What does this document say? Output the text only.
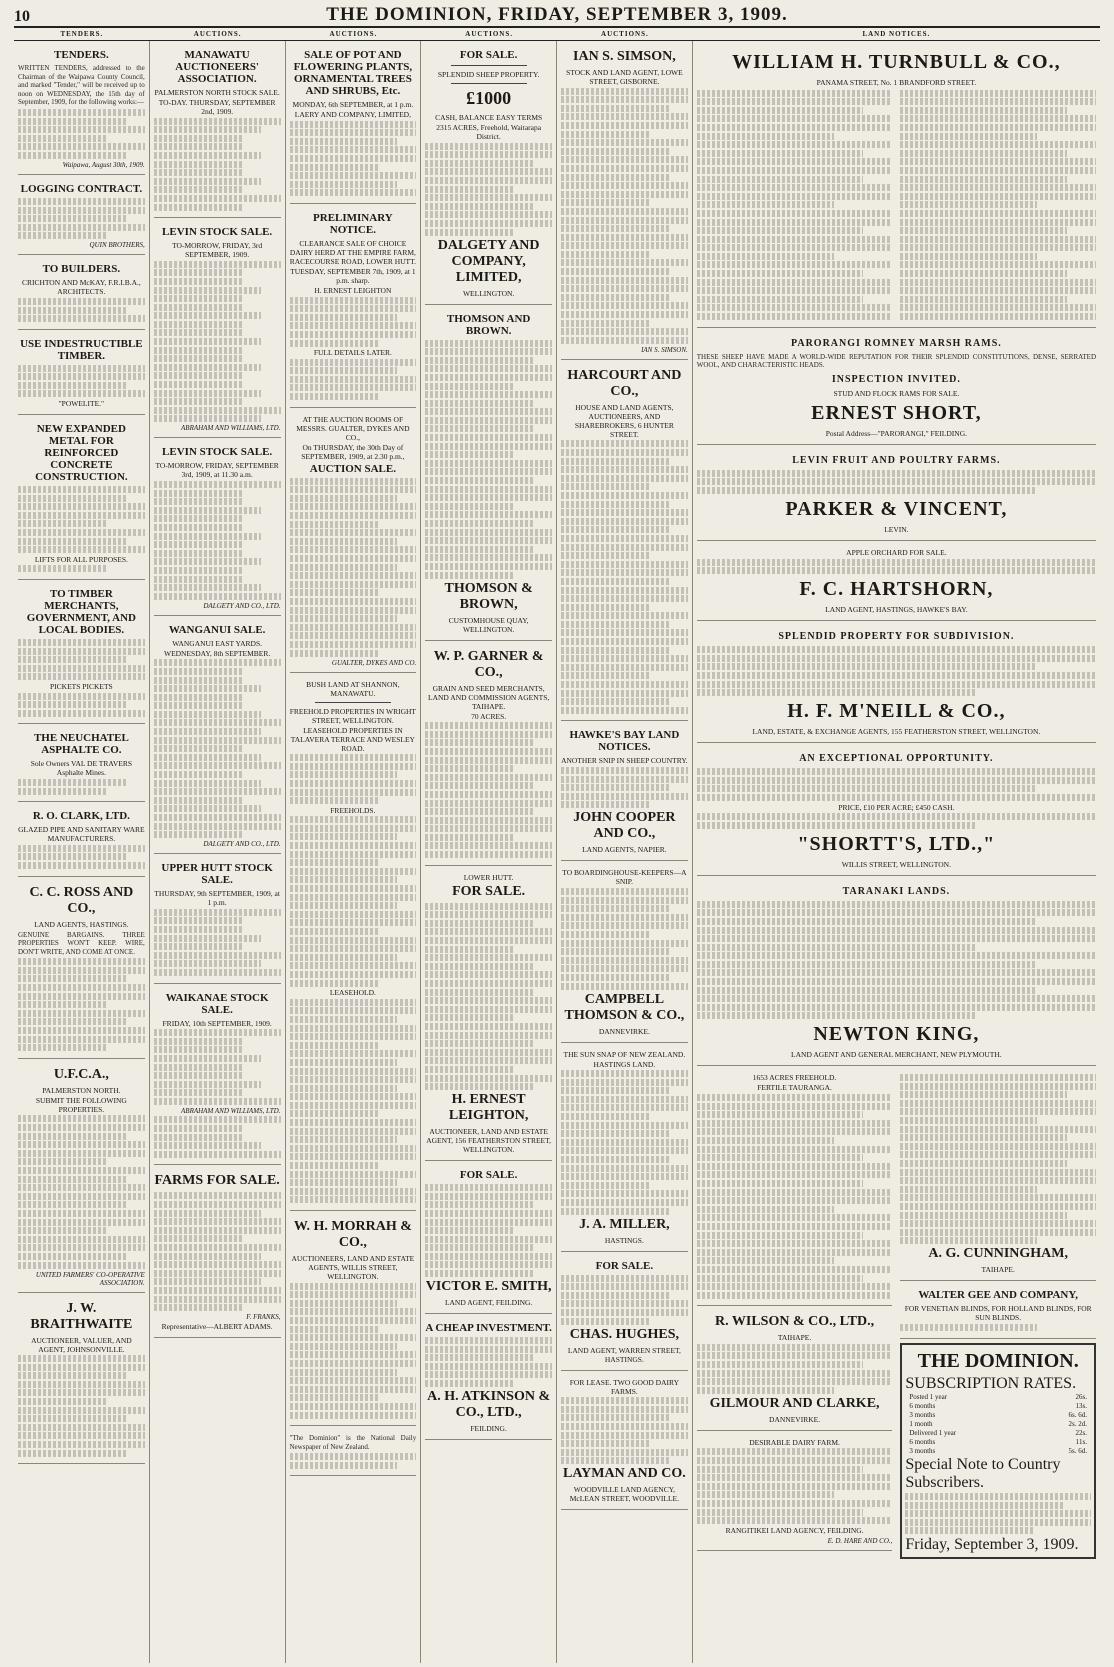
10	THE DOMINION, FRIDAY, SEPTEMBER 3, 1909.
TENDERS.	AUCTIONS.	AUCTIONS.	AUCTIONS.	AUCTIONS.	LAND NOTICES.
TENDERS.

WRITTEN TENDERS, addressed to the Chairman of the Waipawa County Council, and marked "Tender," will be received up to noon on WEDNESDAY, the 15th day of September, 1909, for the following works:—

Waipawa, August 30th, 1909.
LOGGING CONTRACT.
QUIN BROTHERS,
TO BUILDERS.
CRICHTON AND McKAY, F.R.I.B.A., ARCHITECTS.
USE INDESTRUCTIBLE TIMBER.
"POWELITE."
NEW EXPANDED METAL FOR REINFORCED CONCRETE CONSTRUCTION.
LIFTS FOR ALL PURPOSES.
TO TIMBER MERCHANTS, GOVERNMENT, AND LOCAL BODIES.
PICKETS PICKETS
THE NEUCHATEL ASPHALTE CO.
Sole Owners VAL DE TRAVERS Asphalte Mines.
R. O. CLARK, LTD.
GLAZED PIPE AND SANITARY WARE MANUFACTURERS.
C. C. ROSS AND CO.,
LAND AGENTS, HASTINGS.

GENUINE BARGAINS. THREE PROPERTIES WON'T KEEP. WIRE, DON'T WRITE, AND COME AT ONCE.

U.F.C.A.,
PALMERSTON NORTH.
SUBMIT THE FOLLOWING PROPERTIES.
UNITED FARMERS' CO-OPERATIVE ASSOCIATION.
J. W. BRAITHWAITE
AUCTIONEER, VALUER, AND AGENT, JOHNSONVILLE.
MANAWATU AUCTIONEERS' ASSOCIATION.
PALMERSTON NORTH STOCK SALE.
TO-DAY. THURSDAY, SEPTEMBER 2nd, 1909.
LEVIN STOCK SALE.
TO-MORROW, FRIDAY, 3rd SEPTEMBER, 1909.
ABRAHAM AND WILLIAMS, LTD.
LEVIN STOCK SALE.
TO-MORROW, FRIDAY, SEPTEMBER 3rd, 1909, at 11.30 a.m.
DALGETY AND CO., LTD.
WANGANUI SALE.
WANGANUI EAST YARDS.
WEDNESDAY, 8th SEPTEMBER.
DALGETY AND CO., LTD.
UPPER HUTT STOCK SALE.
THURSDAY, 9th SEPTEMBER, 1909, at 1 p.m.
WAIKANAE STOCK SALE.
FRIDAY, 10th SEPTEMBER, 1909.
ABRAHAM AND WILLIAMS, LTD.
FARMS FOR SALE.
F. FRANKS,
Representative—ALBERT ADAMS.
SALE OF POT AND FLOWERING PLANTS, ORNAMENTAL TREES AND SHRUBS, Etc.
MONDAY, 6th SEPTEMBER, at 1 p.m.
LAERY AND COMPANY, LIMITED,
PRELIMINARY NOTICE.
CLEARANCE SALE OF CHOICE DAIRY HERD AT THE EMPIRE FARM, RACECOURSE ROAD, LOWER HUTT.
TUESDAY, SEPTEMBER 7th, 1909, at 1 p.m. sharp.
H. ERNEST LEIGHTON
FULL DETAILS LATER.
AT THE AUCTION ROOMS OF MESSRS. GUALTER, DYKES AND CO.,
On THURSDAY, the 30th Day of SEPTEMBER, 1909, at 2.30 p.m.,
AUCTION SALE.
GUALTER, DYKES AND CO.
BUSH LAND AT SHANNON, MANAWATU.
FREEHOLD PROPERTIES IN WRIGHT STREET, WELLINGTON.
LEASEHOLD PROPERTIES IN TALAVERA TERRACE AND WESLEY ROAD.
FREEHOLDS.
LEASEHOLD.
W. H. MORRAH & CO.,
AUCTIONEERS, LAND AND ESTATE AGENTS, WILLIS STREET, WELLINGTON.

"The Dominion" is the National Daily Newspaper of New Zealand.

FOR SALE.
SPLENDID SHEEP PROPERTY.
£1000
CASH, BALANCE EASY TERMS
2315 ACRES, Freehold, Waitarapa District.
DALGETY AND COMPANY, LIMITED,
WELLINGTON.
THOMSON AND BROWN.
THOMSON & BROWN,
CUSTOMHOUSE QUAY, WELLINGTON.
W. P. GARNER & CO.,
GRAIN AND SEED MERCHANTS, LAND AND COMMISSION AGENTS, TAIHAPE.
70 ACRES.
LOWER HUTT.
FOR SALE.
H. ERNEST LEIGHTON,
AUCTIONEER, LAND AND ESTATE AGENT, 156 FEATHERSTON STREET, WELLINGTON.
FOR SALE.
VICTOR E. SMITH,
LAND AGENT, FEILDING.
A CHEAP INVESTMENT.
A. H. ATKINSON & CO., LTD.,
FEILDING.
IAN S. SIMSON,
STOCK AND LAND AGENT, LOWE STREET, GISBORNE.
IAN S. SIMSON.
HARCOURT AND CO.,
HOUSE AND LAND AGENTS, AUCTIONEERS, AND SHAREBROKERS, 6 HUNTER STREET.
HAWKE'S BAY LAND NOTICES.
ANOTHER SNIP IN SHEEP COUNTRY.
JOHN COOPER AND CO.,
LAND AGENTS, NAPIER.
TO BOARDINGHOUSE-KEEPERS—A SNIP.
CAMPBELL THOMSON & CO.,
DANNEVIRKE.
THE SUN SNAP OF NEW ZEALAND.
HASTINGS LAND.
J. A. MILLER,
HASTINGS.
FOR SALE.
CHAS. HUGHES,
LAND AGENT, WARREN STREET, HASTINGS.
FOR LEASE. TWO GOOD DAIRY FARMS.
LAYMAN AND CO.
WOODVILLE LAND AGENCY, McLEAN STREET, WOODVILLE.
WILLIAM H. TURNBULL & CO.,
PANAMA STREET, No. 1 BRANDFORD STREET.
PARORANGI ROMNEY MARSH RAMS.

THESE SHEEP HAVE MADE A WORLD-WIDE REPUTATION FOR THEIR SPLENDID CONSTITUTIONS, DENSE, SERRATED WOOL, AND CHARACTERISTIC HEADS.

INSPECTION INVITED.
STUD AND FLOCK RAMS FOR SALE.
ERNEST SHORT,
Postal Address—"PARORANGI," FEILDING.
LEVIN FRUIT AND POULTRY FARMS.
PARKER & VINCENT,
LEVIN.
APPLE ORCHARD FOR SALE.
F. C. HARTSHORN,
LAND AGENT, HASTINGS, HAWKE'S BAY.
SPLENDID PROPERTY FOR SUBDIVISION.
H. F. M'NEILL & CO.,
LAND, ESTATE, & EXCHANGE AGENTS, 155 FEATHERSTON STREET, WELLINGTON.
AN EXCEPTIONAL OPPORTUNITY.
PRICE, £10 PER ACRE; £450 CASH.
"SHORTT'S, LTD.,"
WILLIS STREET, WELLINGTON.
TARANAKI LANDS.
NEWTON KING,
LAND AGENT AND GENERAL MERCHANT, NEW PLYMOUTH.
1653 ACRES FREEHOLD.
FERTILE TAURANGA.
R. WILSON & CO., LTD.,
TAIHAPE.
GILMOUR AND CLARKE,
DANNEVIRKE.
DESIRABLE DAIRY FARM.
RANGITIKEI LAND AGENCY, FEILDING.
E. D. HARE AND CO.,
A. G. CUNNINGHAM,
TAIHAPE.
WALTER GEE AND COMPANY,
FOR VENETIAN BLINDS, FOR HOLLAND BLINDS, FOR SUN BLINDS.
THE DOMINION.
SUBSCRIPTION RATES.
Posted 1 year	26s.
6 months	13s.
3 months	6s. 6d.
1 month	2s. 2d.
Delivered 1 year	22s.
6 months	11s.
3 months	5s. 6d.
Special Note to Country Subscribers.
Friday, September 3, 1909.
